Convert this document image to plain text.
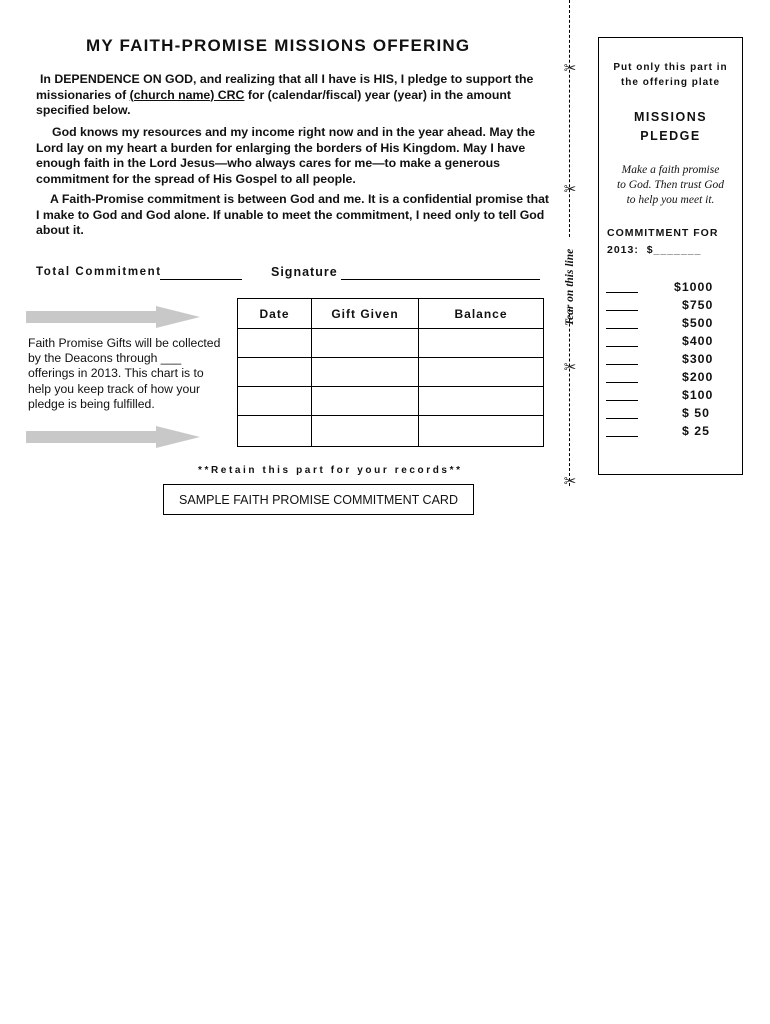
MY FAITH-PROMISE MISSIONS OFFERING
In DEPENDENCE ON GOD, and realizing that all I have is HIS, I pledge to support the missionaries of (church name) CRC for (calendar/fiscal) year (year) in the amount specified below.
God knows my resources and my income right now and in the year ahead. May the Lord lay on my heart a burden for enlarging the borders of His Kingdom. May I have enough faith in the Lord Jesus—who always cares for me—to make a generous commitment for the spread of His Gospel to all people.
A Faith-Promise commitment is between God and me. It is a confidential promise that I make to God and God alone. If unable to meet the commitment, I need only to tell God about it.
Total Commitment	Signature
Date	Gift Given	Balance

Faith Promise Gifts will be collected by the Deacons through ___ offerings in 2013. This chart is to help you keep track of how your pledge is being fulfilled.
**Retain this part for your records**
SAMPLE FAITH PROMISE COMMITMENT CARD
✂
✂
✂
✂
Tear on this line
Put only this part in
the offering plate
MISSIONS
PLEDGE
Make a faith promise
to God. Then trust God
to help you meet it.
COMMITMENT FOR
2013:  $_______
$1000
$750
$500
$400
$300
$200
$100
$ 50
$ 25
